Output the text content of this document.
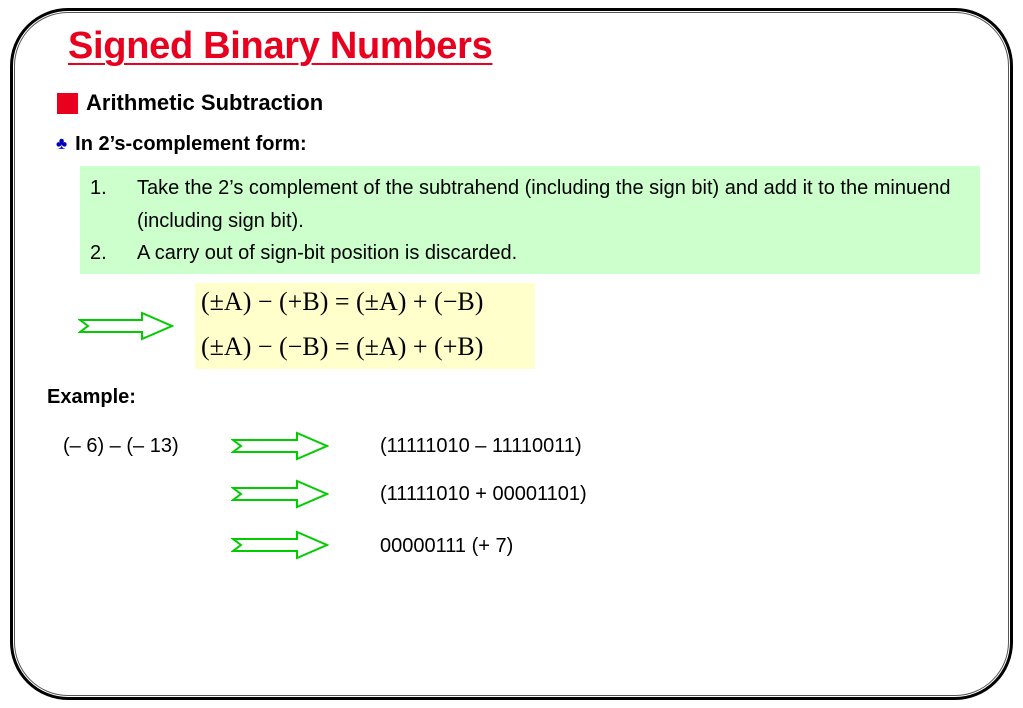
Signed Binary Numbers
Arithmetic Subtraction
♣ In 2’s-complement form:
1. Take the 2’s complement of the subtrahend (including the sign bit) and add it to the minuend (including sign bit).
2. A carry out of sign-bit position is discarded.
(±A) − (+B) = (±A) + (−B)
(±A) − (−B) = (±A) + (+B)
Example:
(– 6) – (– 13)	(11111010 – 11110011)
(11111010 + 00001101)
00000111 (+ 7)
